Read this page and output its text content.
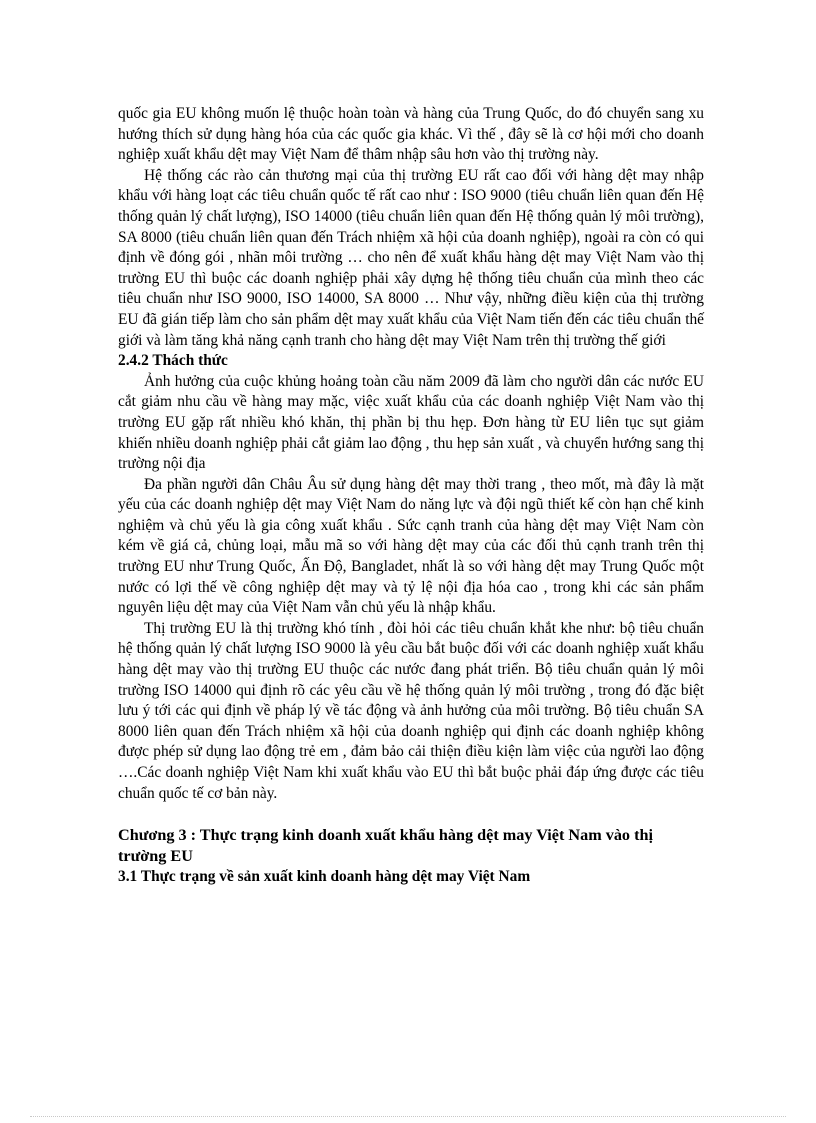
quốc gia EU không muốn lệ thuộc hoàn toàn và hàng của Trung Quốc, do đó chuyển sang xu hướng thích sử dụng hàng hóa của các quốc gia khác. Vì thế , đây sẽ là cơ hội mới cho doanh nghiệp xuất khẩu dệt may Việt Nam để thâm nhập sâu hơn vào thị trường này.

Hệ thống các rào cản thương mại của thị trường EU rất cao đối với hàng dệt may nhập khẩu với hàng loạt các tiêu chuẩn quốc tế rất cao như : ISO 9000 (tiêu chuẩn liên quan đến Hệ thống quản lý chất lượng), ISO 14000 (tiêu chuẩn liên quan đến Hệ thống quản lý môi trường), SA 8000 (tiêu chuẩn liên quan đến Trách nhiệm xã hội của doanh nghiệp), ngoài ra còn có qui định về đóng gói , nhãn môi trường … cho nên để xuất khẩu hàng dệt may Việt Nam vào thị trường EU thì buộc các doanh nghiệp phải xây dựng hệ thống tiêu chuẩn của mình theo các tiêu chuẩn như ISO 9000, ISO 14000, SA 8000 … Như vậy, những điều kiện của thị trường EU đã gián tiếp làm cho sản phẩm dệt may xuất khẩu của Việt Nam tiến đến các tiêu chuẩn thế giới và làm tăng khả năng cạnh tranh cho hàng dệt may Việt Nam trên thị trường thế giới

2.4.2 Thách thức

Ảnh hưởng của cuộc khủng hoảng toàn cầu năm 2009 đã làm cho người dân các nước EU cắt giảm nhu cầu về hàng may mặc, việc xuất khẩu của các doanh nghiệp Việt Nam vào thị trường EU gặp rất nhiều khó khăn, thị phần bị thu hẹp. Đơn hàng từ EU liên tục sụt giảm khiến nhiều doanh nghiệp phải cắt giảm lao động , thu hẹp sản xuất , và chuyển hướng sang thị trường nội địa

Đa phần người dân Châu Âu sử dụng hàng dệt may thời trang , theo mốt, mà đây là mặt yếu của các doanh nghiệp dệt may Việt Nam do năng lực và đội ngũ thiết kế còn hạn chế kinh nghiệm và chủ yếu là gia công xuất khẩu . Sức cạnh tranh của hàng dệt may Việt Nam còn kém về giá cả, chủng loại, mẫu mã so với hàng dệt may của các đối thủ cạnh tranh trên thị trường EU như Trung Quốc, Ấn Độ, Bangladet, nhất là so với hàng dệt may Trung Quốc một nước có lợi thế về công nghiệp dệt may và tỷ lệ nội địa hóa cao , trong khi các sản phẩm nguyên liệu dệt may của Việt Nam vẫn chủ yếu là nhập khẩu.

Thị trường EU là thị trường khó tính , đòi hỏi các tiêu chuẩn khắt khe như: bộ tiêu chuẩn hệ thống quản lý chất lượng ISO 9000 là yêu cầu bắt buộc đối với các doanh nghiệp xuất khẩu hàng dệt may vào thị trường EU thuộc các nước đang phát triển. Bộ tiêu chuẩn quản lý môi trường ISO 14000 qui định rõ các yêu cầu về hệ thống quản lý môi trường , trong đó đặc biệt lưu ý tới các qui định về pháp lý về tác động và ảnh hưởng của môi trường. Bộ tiêu chuẩn SA 8000 liên quan đến Trách nhiệm xã hội của doanh nghiệp qui định các doanh nghiệp không được phép sử dụng lao động trẻ em , đảm bảo cải thiện điều kiện làm việc của người lao động ….Các doanh nghiệp Việt Nam khi xuất khẩu vào EU thì bắt buộc phải đáp ứng được các tiêu chuẩn quốc tế cơ bản này.

Chương 3 : Thực trạng kinh doanh xuất khẩu hàng dệt may Việt Nam vào thị trường EU

3.1 Thực trạng về sản xuất kinh doanh hàng dệt may Việt Nam
